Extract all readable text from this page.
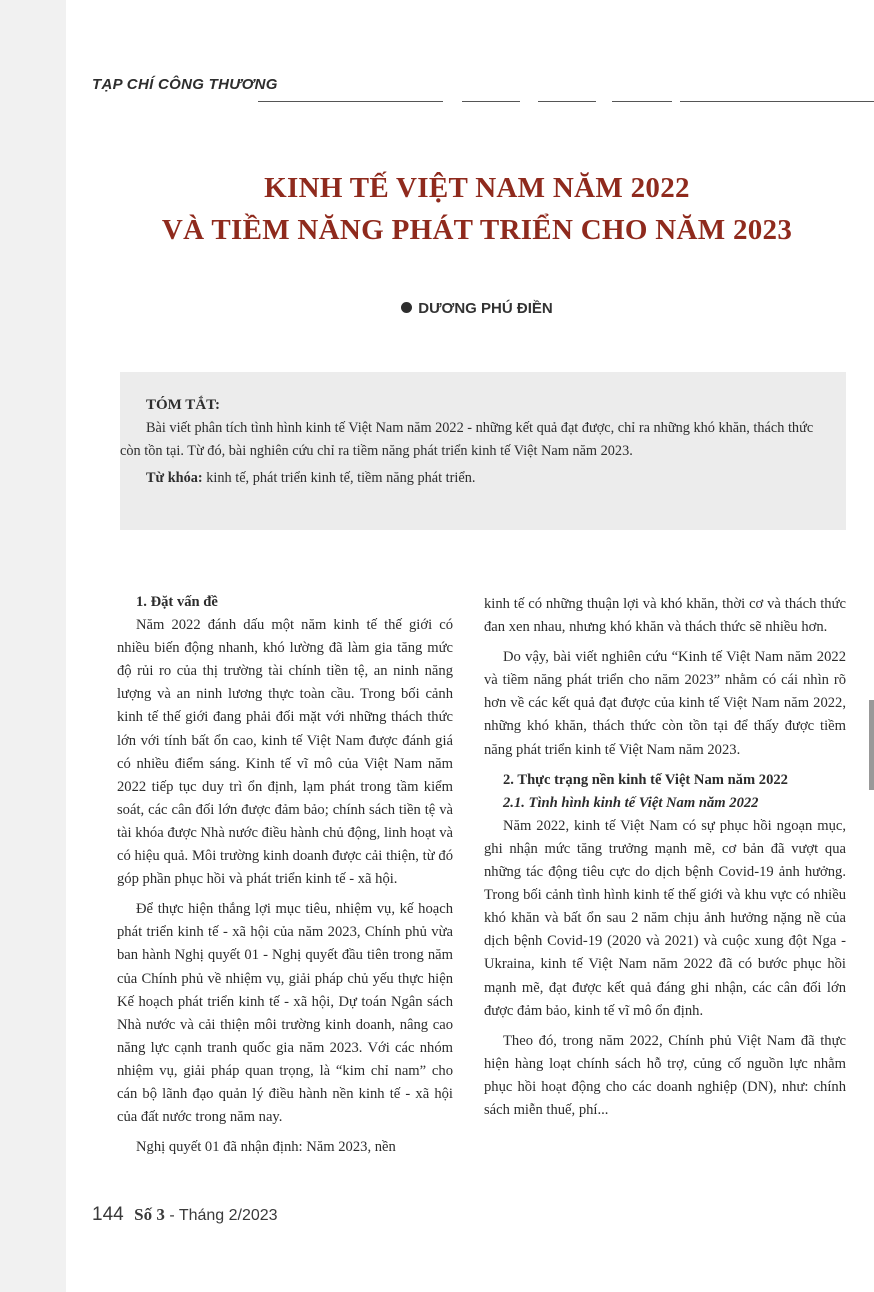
TẠP CHÍ CÔNG THƯƠNG
KINH TẾ VIỆT NAM NĂM 2022
VÀ TIỀM NĂNG PHÁT TRIỂN CHO NĂM 2023
DƯƠNG PHÚ ĐIỀN
TÓM TẮT:
Bài viết phân tích tình hình kinh tế Việt Nam năm 2022 - những kết quả đạt được, chỉ ra những khó khăn, thách thức còn tồn tại. Từ đó, bài nghiên cứu chỉ ra tiềm năng phát triển kinh tế Việt Nam năm 2023.
Từ khóa: kinh tế, phát triển kinh tế, tiềm năng phát triển.
1. Đặt vấn đề

Năm 2022 đánh dấu một năm kinh tế thế giới có nhiều biến động nhanh, khó lường đã làm gia tăng mức độ rủi ro của thị trường tài chính tiền tệ, an ninh năng lượng và an ninh lương thực toàn cầu. Trong bối cảnh kinh tế thế giới đang phải đối mặt với những thách thức lớn với tính bất ổn cao, kinh tế Việt Nam được đánh giá có nhiều điểm sáng. Kinh tế vĩ mô của Việt Nam năm 2022 tiếp tục duy trì ổn định, lạm phát trong tầm kiểm soát, các cân đối lớn được đảm bảo; chính sách tiền tệ và tài khóa được Nhà nước điều hành chủ động, linh hoạt và có hiệu quả. Môi trường kinh doanh được cải thiện, từ đó góp phần phục hồi và phát triển kinh tế - xã hội.

Để thực hiện thắng lợi mục tiêu, nhiệm vụ, kế hoạch phát triển kinh tế - xã hội của năm 2023, Chính phủ vừa ban hành Nghị quyết 01 - Nghị quyết đầu tiên trong năm của Chính phủ về nhiệm vụ, giải pháp chủ yếu thực hiện Kế hoạch phát triển kinh tế - xã hội, Dự toán Ngân sách Nhà nước và cải thiện môi trường kinh doanh, nâng cao năng lực cạnh tranh quốc gia năm 2023. Với các nhóm nhiệm vụ, giải pháp quan trọng, là “kim chỉ nam” cho cán bộ lãnh đạo quản lý điều hành nền kinh tế - xã hội của đất nước trong năm nay.

Nghị quyết 01 đã nhận định: Năm 2023, nền

kinh tế có những thuận lợi và khó khăn, thời cơ và thách thức đan xen nhau, nhưng khó khăn và thách thức sẽ nhiều hơn.

Do vậy, bài viết nghiên cứu “Kinh tế Việt Nam năm 2022 và tiềm năng phát triển cho năm 2023” nhằm có cái nhìn rõ hơn về các kết quả đạt được của kinh tế Việt Nam năm 2022, những khó khăn, thách thức còn tồn tại để thấy được tiềm năng phát triển kinh tế Việt Nam năm 2023.

2. Thực trạng nền kinh tế Việt Nam năm 2022
2.1. Tình hình kinh tế Việt Nam năm 2022

Năm 2022, kinh tế Việt Nam có sự phục hồi ngoạn mục, ghi nhận mức tăng trưởng mạnh mẽ, cơ bản đã vượt qua những tác động tiêu cực do dịch bệnh Covid-19 ảnh hưởng. Trong bối cảnh tình hình kinh tế thế giới và khu vực có nhiều khó khăn và bất ổn sau 2 năm chịu ảnh hưởng nặng nề của dịch bệnh Covid-19 (2020 và 2021) và cuộc xung đột Nga - Ukraina, kinh tế Việt Nam năm 2022 đã có bước phục hồi mạnh mẽ, đạt được kết quả đáng ghi nhận, các cân đối lớn được đảm bảo, kinh tế vĩ mô ổn định.

Theo đó, trong năm 2022, Chính phủ Việt Nam đã thực hiện hàng loạt chính sách hỗ trợ, củng cố nguồn lực nhằm phục hồi hoạt động cho các doanh nghiệp (DN), như: chính sách miễn thuế, phí...

144 Số 3 - Tháng 2/2023
